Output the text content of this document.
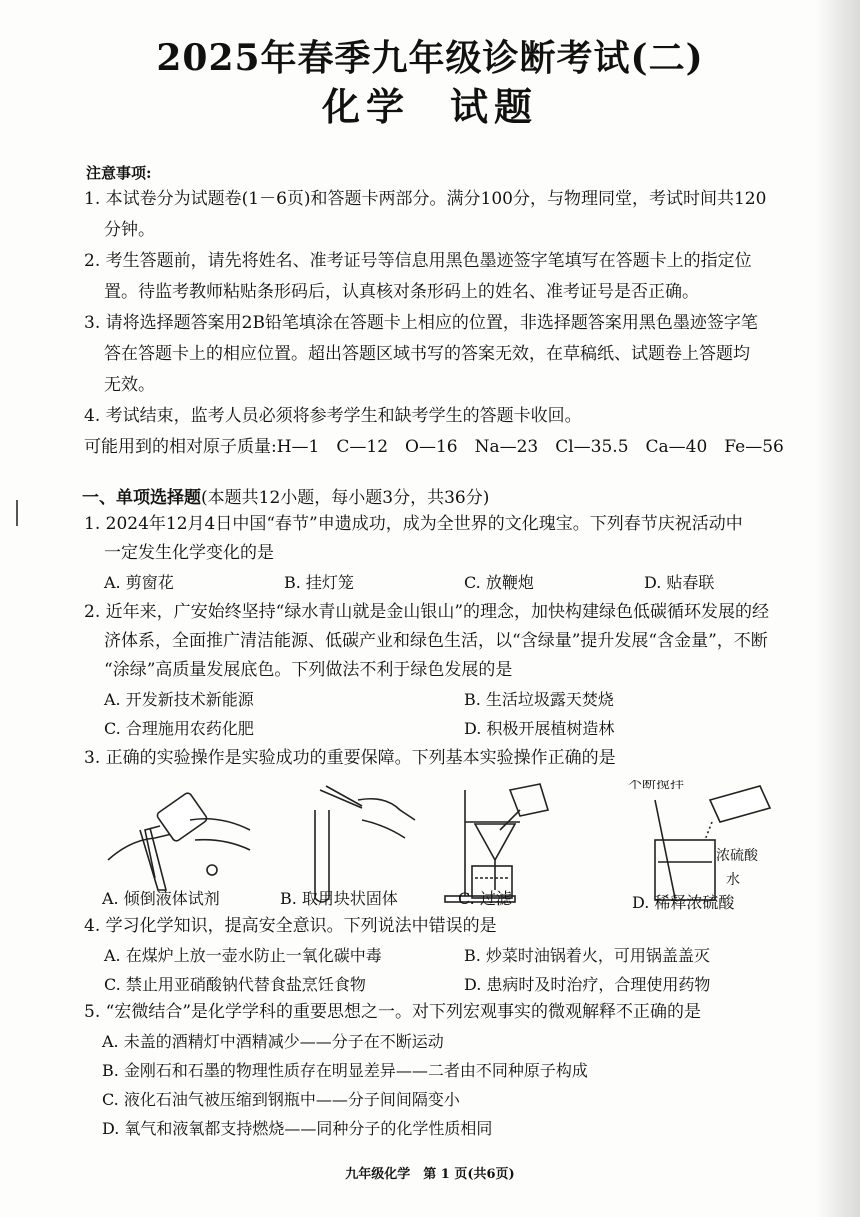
2025年春季九年级诊断考试(二)
化学 试题
注意事项:
1. 本试卷分为试题卷(1－6页)和答题卡两部分。满分100分，与物理同堂，考试时间共120
分钟。
2. 考生答题前，请先将姓名、准考证号等信息用黑色墨迹签字笔填写在答题卡上的指定位
置。待监考教师粘贴条形码后，认真核对条形码上的姓名、准考证号是否正确。
3. 请将选择题答案用2B铅笔填涂在答题卡上相应的位置，非选择题答案用黑色墨迹签字笔
答在答题卡上的相应位置。超出答题区域书写的答案无效，在草稿纸、试题卷上答题均
无效。
4. 考试结束，监考人员必须将参考学生和缺考学生的答题卡收回。
可能用到的相对原子质量:H—1　C—12　O—16　Na—23　Cl—35.5　Ca—40　Fe—56
一、单项选择题(本题共12小题，每小题3分，共36分)
1. 2024年12月4日中国“春节”申遗成功，成为全世界的文化瑰宝。下列春节庆祝活动中
一定发生化学变化的是
A. 剪窗花	B. 挂灯笼	C. 放鞭炮	D. 贴春联
2. 近年来，广安始终坚持“绿水青山就是金山银山”的理念，加快构建绿色低碳循环发展的经
济体系，全面推广清洁能源、低碳产业和绿色生活，以“含绿量”提升发展“含金量”，不断
“涂绿”高质量发展底色。下列做法不利于绿色发展的是
A. 开发新技术新能源	B. 生活垃圾露天焚烧
C. 合理施用农药化肥	D. 积极开展植树造林
3. 正确的实验操作是实验成功的重要保障。下列基本实验操作正确的是
不断搅拌
浓硫酸
水
A. 倾倒液体试剂	B. 取用块状固体	C. 过滤	D. 稀释浓硫酸
4. 学习化学知识，提高安全意识。下列说法中错误的是
A. 在煤炉上放一壶水防止一氧化碳中毒	B. 炒菜时油锅着火，可用锅盖盖灭
C. 禁止用亚硝酸钠代替食盐烹饪食物	D. 患病时及时治疗，合理使用药物
5. “宏微结合”是化学学科的重要思想之一。对下列宏观事实的微观解释不正确的是
A. 未盖的酒精灯中酒精减少——分子在不断运动
B. 金刚石和石墨的物理性质存在明显差异——二者由不同种原子构成
C. 液化石油气被压缩到钢瓶中——分子间间隔变小
D. 氧气和液氧都支持燃烧——同种分子的化学性质相同
九年级化学　第 1 页(共6页)
